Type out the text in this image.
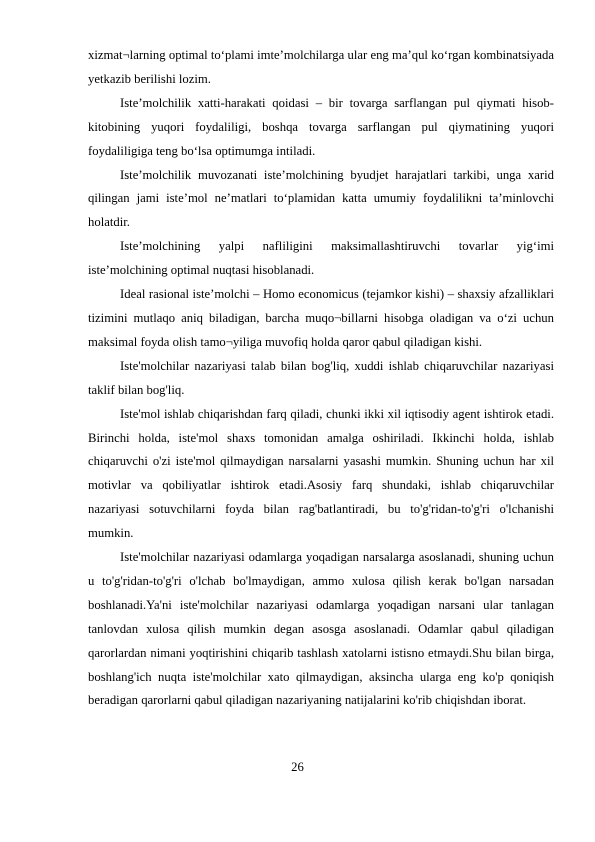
xizmat¬larning optimal to‘plami imte’molchilarga ular eng ma’qul ko‘rgan kombinatsiyada yetkazib berilishi lozim.

Iste’molchilik xatti-harakati qoidasi – bir tovarga sarflangan pul qiymati hisob-kitobining yuqori foydaliligi, boshqa tovarga sarflangan pul qiymatining yuqori foydaliligiga teng bo‘lsa optimumga intiladi.

Iste’molchilik muvozanati iste’molchining byudjet harajatlari tarkibi, unga xarid qilingan jami iste’mol ne’matlari to‘plamidan katta umumiy foydalilikni ta’minlovchi holatdir.

Iste’molchining yalpi nafliligini maksimallashtiruvchi tovarlar yig‘imi iste’molchining optimal nuqtasi hisoblanadi.

Ideal rasional iste’molchi – Homo economicus (tejamkor kishi) – shaxsiy afzalliklari tizimini mutlaqo aniq biladigan, barcha muqo¬billarni hisobga oladigan va o‘zi uchun maksimal foyda olish tamo¬yiliga muvofiq holda qaror qabul qiladigan kishi.

Iste'molchilar nazariyasi talab bilan bog'liq, xuddi ishlab chiqaruvchilar nazariyasi taklif bilan bog'liq.

Iste'mol ishlab chiqarishdan farq qiladi, chunki ikki xil iqtisodiy agent ishtirok etadi. Birinchi holda, iste'mol shaxs tomonidan amalga oshiriladi. Ikkinchi holda, ishlab chiqaruvchi o'zi iste'mol qilmaydigan narsalarni yasashi mumkin. Shuning uchun har xil motivlar va qobiliyatlar ishtirok etadi.Asosiy farq shundaki, ishlab chiqaruvchilar nazariyasi sotuvchilarni foyda bilan rag'batlantiradi, bu to'g'ridan-to'g'ri o'lchanishi mumkin.

Iste'molchilar nazariyasi odamlarga yoqadigan narsalarga asoslanadi, shuning uchun u to'g'ridan-to'g'ri o'lchab bo'lmaydigan, ammo xulosa qilish kerak bo'lgan narsadan boshlanadi.Ya'ni iste'molchilar nazariyasi odamlarga yoqadigan narsani ular tanlagan tanlovdan xulosa qilish mumkin degan asosga asoslanadi. Odamlar qabul qiladigan qarorlardan nimani yoqtirishini chiqarib tashlash xatolarni istisno etmaydi.Shu bilan birga, boshlang'ich nuqta iste'molchilar xato qilmaydigan, aksincha ularga eng ko'p qoniqish beradigan qarorlarni qabul qiladigan nazariyaning natijalarini ko'rib chiqishdan iborat.

26
